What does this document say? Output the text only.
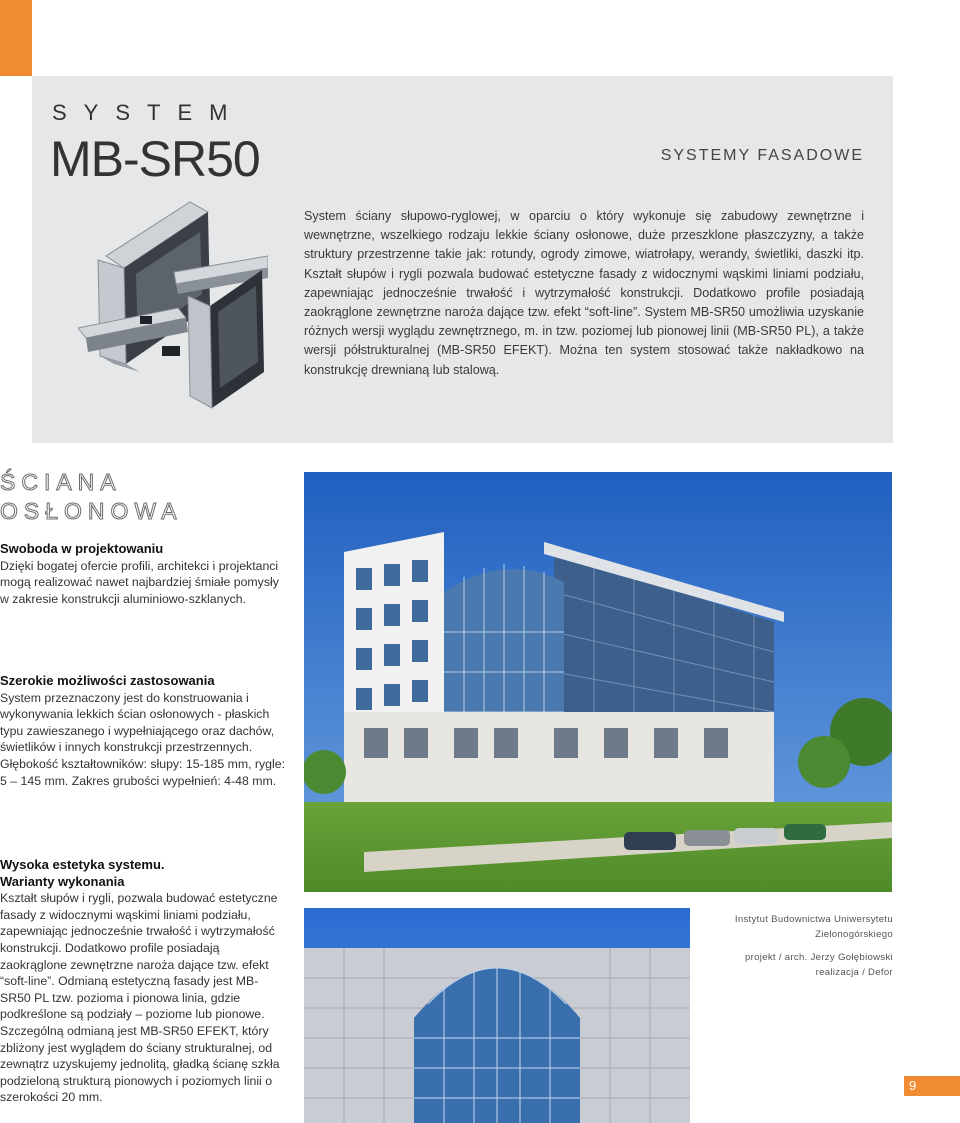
SYSTEM
MB-SR50	SYSTEMY FASADOWE
System ściany słupowo-ryglowej, w oparciu o który wykonuje się zabudowy zewnętrzne i wewnętrzne, wszelkiego rodzaju lekkie ściany osłonowe, duże przeszklone płaszczyzny, a także struktury przestrzenne takie jak: rotundy, ogrody zimowe, wiatrołapy, werandy, świetliki, daszki itp. Kształt słupów i rygli pozwala budować estetyczne fasady z widocznymi wąskimi liniami podziału, zapewniając jednocześnie trwałość i wytrzymałość konstrukcji. Dodatkowo profile posiadają zaokrąglone zewnętrzne naroża dające tzw. efekt “soft-line”. System MB-SR50 umożliwia uzyskanie różnych wersji wyglądu zewnętrznego, m. in tzw. poziomej lub pionowej linii (MB-SR50 PL), a także wersji półstrukturalnej (MB-SR50 EFEKT). Można ten system stosować także nakładkowo na konstrukcję drewnianą lub stalową.
ŚCIANA
OSŁONOWA
Swoboda w projektowaniu

Dzięki bogatej ofercie profili, architekci i projektanci mogą realizować nawet najbardziej śmiałe pomysły w zakresie konstrukcji aluminiowo-szklanych.

Szerokie możliwości zastosowania

System przeznaczony jest do konstruowania i wykonywania lekkich ścian osłonowych - płaskich typu zawieszanego i wypełniającego oraz dachów, świetlików i innych konstrukcji przestrzennych. Głębokość kształtowników: słupy: 15-185 mm, rygle: 5 – 145 mm. Zakres grubości wypełnień: 4-48 mm.

Wysoka estetyka systemu.
Warianty wykonania

Kształt słupów i rygli, pozwala budować estetyczne fasady z widocznymi wąskimi liniami podziału, zapewniając jednocześnie trwałość i wytrzymałość konstrukcji. Dodatkowo profile posiadają zaokrąglone zewnętrzne naroża dające tzw. efekt “soft-line”. Odmianą estetyczną fasady jest MB-SR50 PL tzw. pozioma i pionowa linia, gdzie podkreślone są podziały – poziome lub pionowe. Szczególną odmianą jest MB-SR50 EFEKT, który zbliżony jest wyglądem do ściany strukturalnej, od zewnątrz uzyskujemy jednolitą, gładką ścianę szkła podzieloną strukturą pionowych i poziomych linii o szerokości 20 mm.

Instytut Budownictwa Uniwersytetu
Zielonogórskiego
projekt / arch. Jerzy Gołębiowski
realizacja / Defor
9
